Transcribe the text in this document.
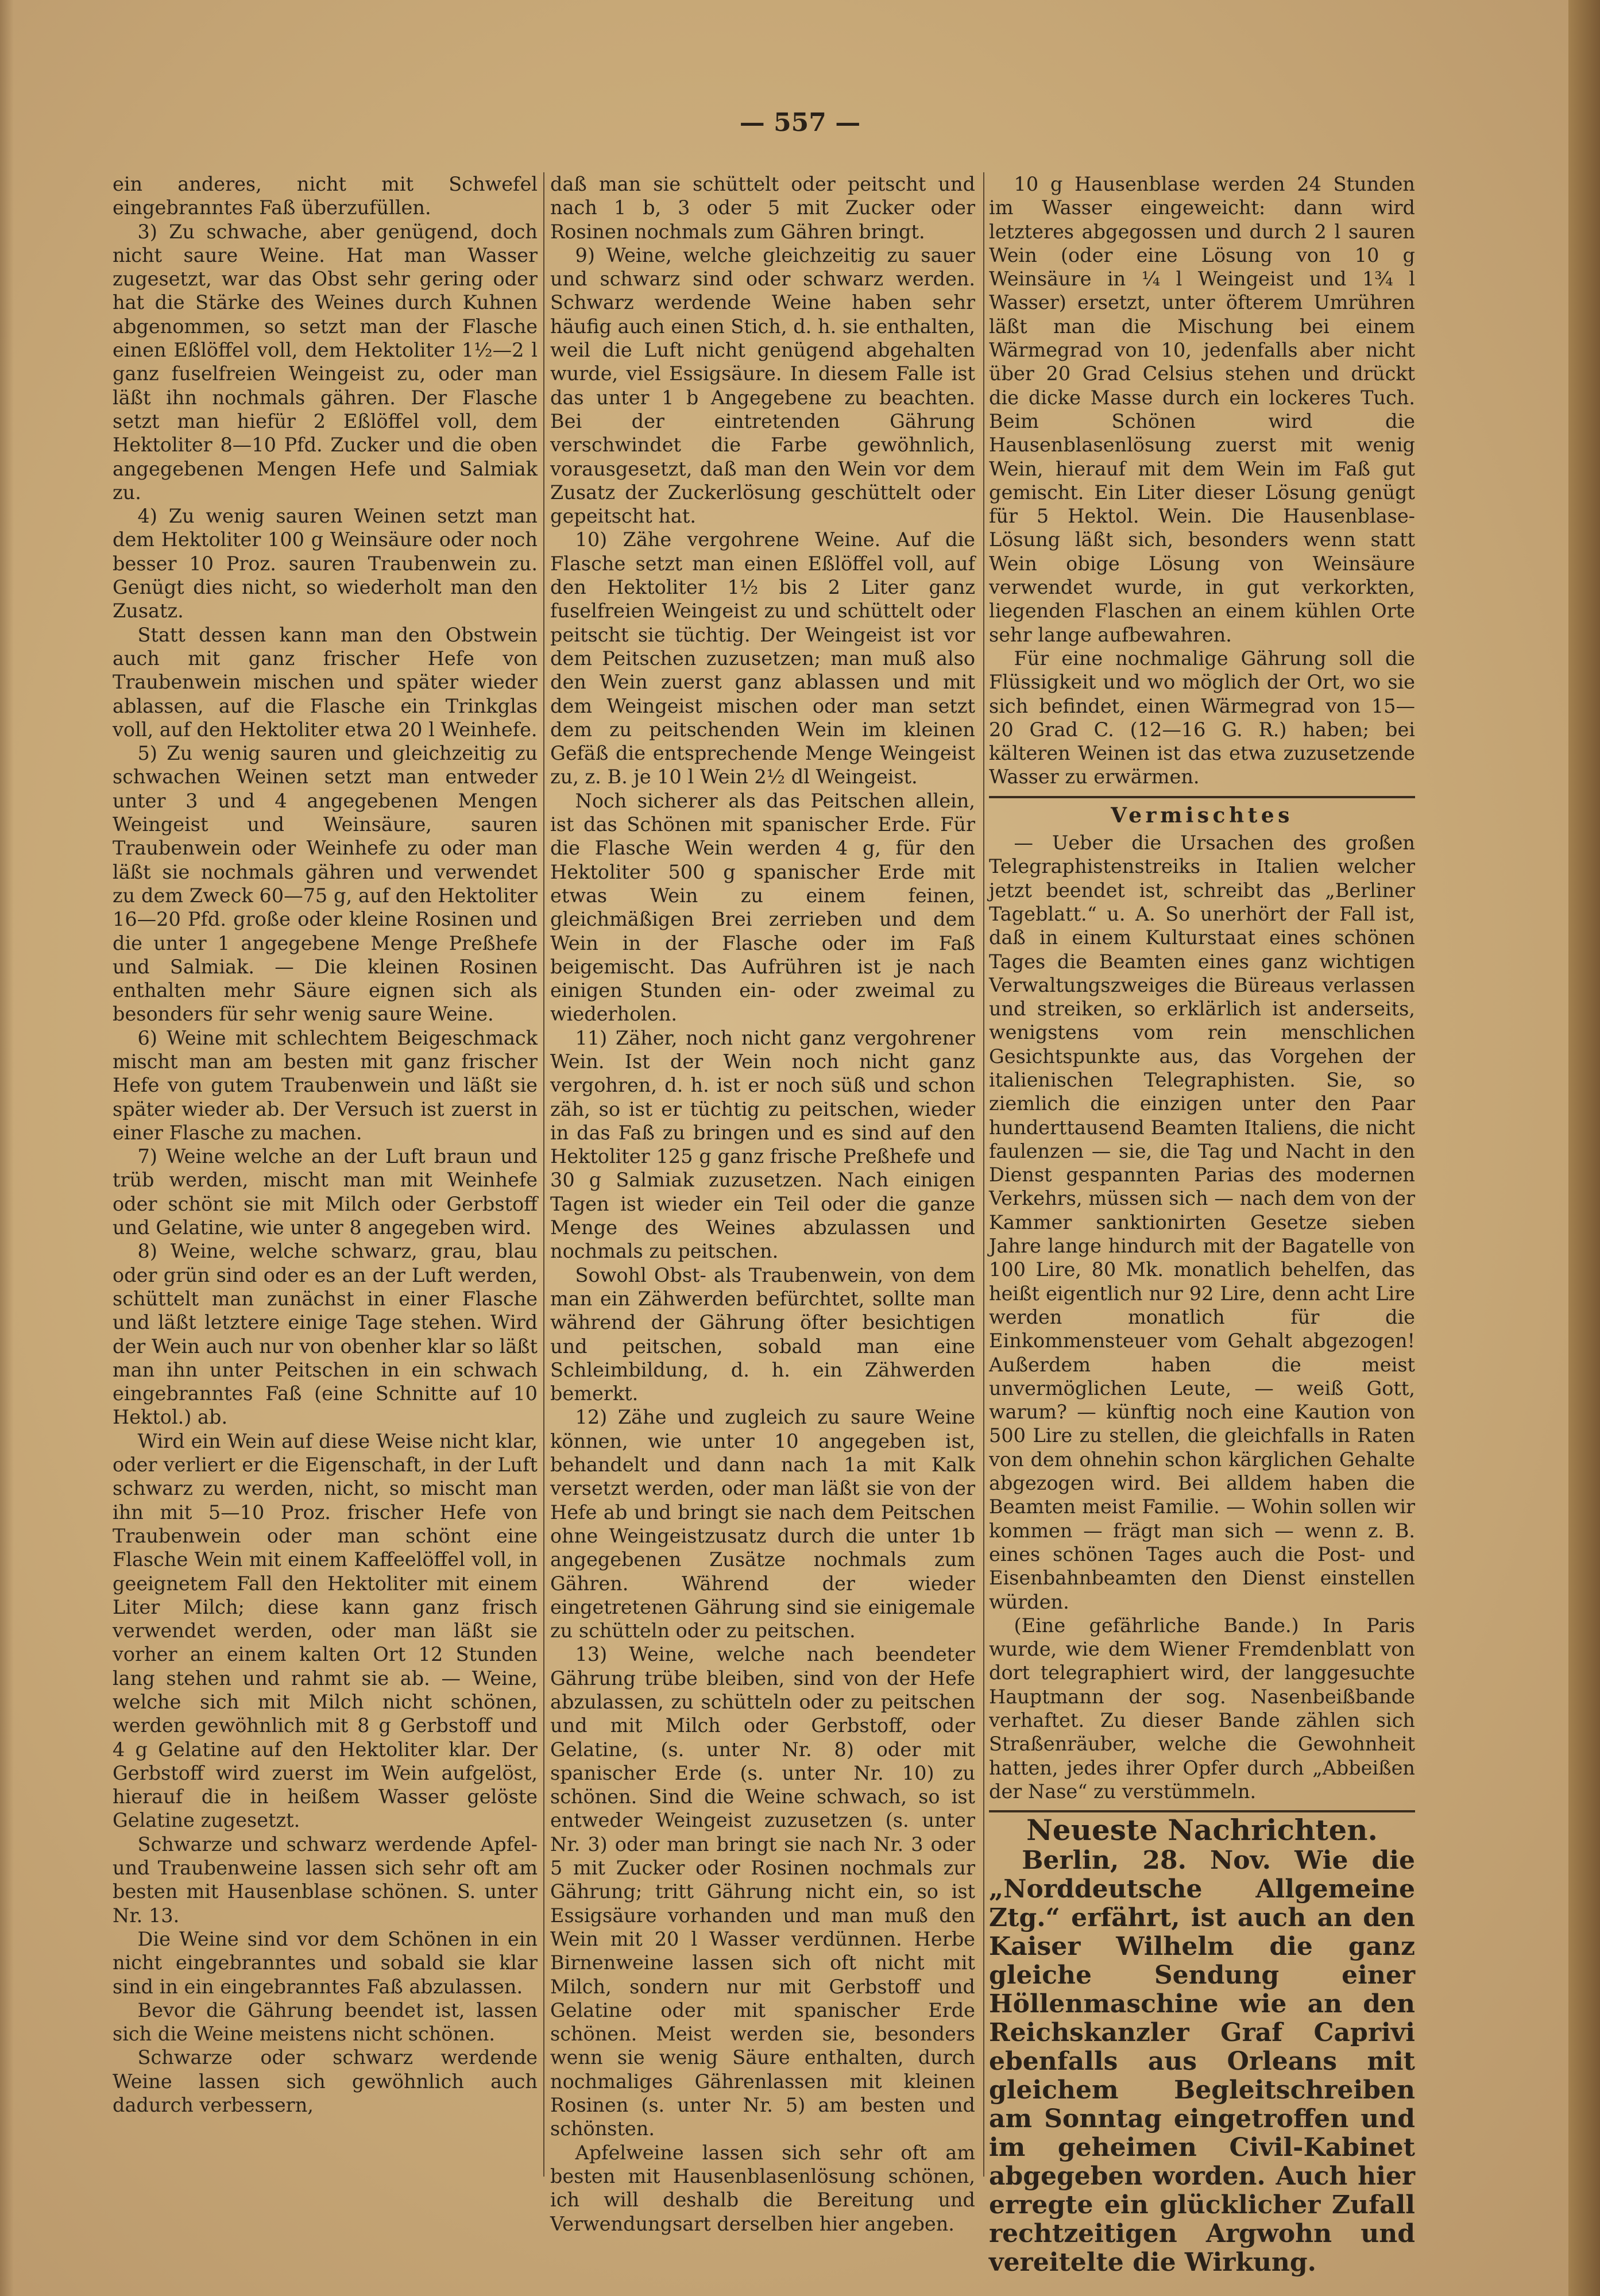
— 557 —

ein anderes, nicht mit Schwefel eingebranntes Faß überzufüllen.

3) Zu schwache, aber genügend, doch nicht saure Weine. Hat man Wasser zugesetzt, war das Obst sehr gering oder hat die Stärke des Weines durch Kuhnen abgenommen, so setzt man der Flasche einen Eßlöffel voll, dem Hektoliter 1½—2 l ganz fuselfreien Weingeist zu, oder man läßt ihn nochmals gähren. Der Flasche setzt man hiefür 2 Eßlöffel voll, dem Hektoliter 8—10 Pfd. Zucker und die oben angegebenen Mengen Hefe und Salmiak zu.

4) Zu wenig sauren Weinen setzt man dem Hektoliter 100 g Weinsäure oder noch besser 10 Proz. sauren Traubenwein zu. Genügt dies nicht, so wiederholt man den Zusatz.

Statt dessen kann man den Obstwein auch mit ganz frischer Hefe von Traubenwein mischen und später wieder ablassen, auf die Flasche ein Trinkglas voll, auf den Hektoliter etwa 20 l Weinhefe.

5) Zu wenig sauren und gleichzeitig zu schwachen Weinen setzt man entweder unter 3 und 4 angegebenen Mengen Weingeist und Weinsäure, sauren Traubenwein oder Weinhefe zu oder man läßt sie nochmals gähren und verwendet zu dem Zweck 60—75 g, auf den Hektoliter 16—20 Pfd. große oder kleine Rosinen und die unter 1 angegebene Menge Preßhefe und Salmiak. — Die kleinen Rosinen enthalten mehr Säure eignen sich als besonders für sehr wenig saure Weine.

6) Weine mit schlechtem Beigeschmack mischt man am besten mit ganz frischer Hefe von gutem Traubenwein und läßt sie später wieder ab. Der Versuch ist zuerst in einer Flasche zu machen.

7) Weine welche an der Luft braun und trüb werden, mischt man mit Weinhefe oder schönt sie mit Milch oder Gerbstoff und Gelatine, wie unter 8 angegeben wird.

8) Weine, welche schwarz, grau, blau oder grün sind oder es an der Luft werden, schüttelt man zunächst in einer Flasche und läßt letztere einige Tage stehen. Wird der Wein auch nur von obenher klar so läßt man ihn unter Peitschen in ein schwach eingebranntes Faß (eine Schnitte auf 10 Hektol.) ab.

Wird ein Wein auf diese Weise nicht klar, oder verliert er die Eigenschaft, in der Luft schwarz zu werden, nicht, so mischt man ihn mit 5—10 Proz. frischer Hefe von Traubenwein oder man schönt eine Flasche Wein mit einem Kaffeelöffel voll, in geeignetem Fall den Hektoliter mit einem Liter Milch; diese kann ganz frisch verwendet werden, oder man läßt sie vorher an einem kalten Ort 12 Stunden lang stehen und rahmt sie ab. — Weine, welche sich mit Milch nicht schönen, werden gewöhnlich mit 8 g Gerbstoff und 4 g Gelatine auf den Hektoliter klar. Der Gerbstoff wird zuerst im Wein aufgelöst, hierauf die in heißem Wasser gelöste Gelatine zugesetzt.

Schwarze und schwarz werdende Apfel- und Traubenweine lassen sich sehr oft am besten mit Hausenblase schönen. S. unter Nr. 13.

Die Weine sind vor dem Schönen in ein nicht eingebranntes und sobald sie klar sind in ein eingebranntes Faß abzulassen.

Bevor die Gährung beendet ist, lassen sich die Weine meistens nicht schönen.

Schwarze oder schwarz werdende Weine lassen sich gewöhnlich auch dadurch verbessern,

daß man sie schüttelt oder peitscht und nach 1 b, 3 oder 5 mit Zucker oder Rosinen nochmals zum Gähren bringt.

9) Weine, welche gleichzeitig zu sauer und schwarz sind oder schwarz werden. Schwarz werdende Weine haben sehr häufig auch einen Stich, d. h. sie enthalten, weil die Luft nicht genügend abgehalten wurde, viel Essigsäure. In diesem Falle ist das unter 1 b Angegebene zu beachten. Bei der eintretenden Gährung verschwindet die Farbe gewöhnlich, vorausgesetzt, daß man den Wein vor dem Zusatz der Zuckerlösung geschüttelt oder gepeitscht hat.

10) Zähe vergohrene Weine. Auf die Flasche setzt man einen Eßlöffel voll, auf den Hektoliter 1½ bis 2 Liter ganz fuselfreien Weingeist zu und schüttelt oder peitscht sie tüchtig. Der Weingeist ist vor dem Peitschen zuzusetzen; man muß also den Wein zuerst ganz ablassen und mit dem Weingeist mischen oder man setzt dem zu peitschenden Wein im kleinen Gefäß die entsprechende Menge Weingeist zu, z. B. je 10 l Wein 2½ dl Weingeist.

Noch sicherer als das Peitschen allein, ist das Schönen mit spanischer Erde. Für die Flasche Wein werden 4 g, für den Hektoliter 500 g spanischer Erde mit etwas Wein zu einem feinen, gleichmäßigen Brei zerrieben und dem Wein in der Flasche oder im Faß beigemischt. Das Aufrühren ist je nach einigen Stunden ein- oder zweimal zu wiederholen.

11) Zäher, noch nicht ganz vergohrener Wein. Ist der Wein noch nicht ganz vergohren, d. h. ist er noch süß und schon zäh, so ist er tüchtig zu peitschen, wieder in das Faß zu bringen und es sind auf den Hektoliter 125 g ganz frische Preßhefe und 30 g Salmiak zuzusetzen. Nach einigen Tagen ist wieder ein Teil oder die ganze Menge des Weines abzulassen und nochmals zu peitschen.

Sowohl Obst- als Traubenwein, von dem man ein Zähwerden befürchtet, sollte man während der Gährung öfter besichtigen und peitschen, sobald man eine Schleimbildung, d. h. ein Zähwerden bemerkt.

12) Zähe und zugleich zu saure Weine können, wie unter 10 angegeben ist, behandelt und dann nach 1a mit Kalk versetzt werden, oder man läßt sie von der Hefe ab und bringt sie nach dem Peitschen ohne Weingeistzusatz durch die unter 1b angegebenen Zusätze nochmals zum Gähren. Während der wieder eingetretenen Gährung sind sie einigemale zu schütteln oder zu peitschen.

13) Weine, welche nach beendeter Gährung trübe bleiben, sind von der Hefe abzulassen, zu schütteln oder zu peitschen und mit Milch oder Gerbstoff, oder Gelatine, (s. unter Nr. 8) oder mit spanischer Erde (s. unter Nr. 10) zu schönen. Sind die Weine schwach, so ist entweder Weingeist zuzusetzen (s. unter Nr. 3) oder man bringt sie nach Nr. 3 oder 5 mit Zucker oder Rosinen nochmals zur Gährung; tritt Gährung nicht ein, so ist Essigsäure vorhanden und man muß den Wein mit 20 l Wasser verdünnen. Herbe Birnenweine lassen sich oft nicht mit Milch, sondern nur mit Gerbstoff und Gelatine oder mit spanischer Erde schönen. Meist werden sie, besonders wenn sie wenig Säure enthalten, durch nochmaliges Gährenlassen mit kleinen Rosinen (s. unter Nr. 5) am besten und schönsten.

Apfelweine lassen sich sehr oft am besten mit Hausenblasenlösung schönen, ich will deshalb die Bereitung und Verwendungsart derselben hier angeben.

10 g Hausenblase werden 24 Stunden im Wasser eingeweicht: dann wird letzteres abgegossen und durch 2 l sauren Wein (oder eine Lösung von 10 g Weinsäure in ¼ l Weingeist und 1¾ l Wasser) ersetzt, unter öfterem Umrühren läßt man die Mischung bei einem Wärmegrad von 10, jedenfalls aber nicht über 20 Grad Celsius stehen und drückt die dicke Masse durch ein lockeres Tuch. Beim Schönen wird die Hausenblasenlösung zuerst mit wenig Wein, hierauf mit dem Wein im Faß gut gemischt. Ein Liter dieser Lösung genügt für 5 Hektol. Wein. Die Hausenblase-Lösung läßt sich, besonders wenn statt Wein obige Lösung von Weinsäure verwendet wurde, in gut verkorkten, liegenden Flaschen an einem kühlen Orte sehr lange aufbewahren.

Für eine nochmalige Gährung soll die Flüssigkeit und wo möglich der Ort, wo sie sich befindet, einen Wärmegrad von 15—20 Grad C. (12—16 G. R.) haben; bei kälteren Weinen ist das etwa zuzusetzende Wasser zu erwärmen.

Vermischtes

— Ueber die Ursachen des großen Telegraphistenstreiks in Italien welcher jetzt beendet ist, schreibt das „Berliner Tageblatt.“ u. A. So unerhört der Fall ist, daß in einem Kulturstaat eines schönen Tages die Beamten eines ganz wichtigen Verwaltungszweiges die Büreaus verlassen und streiken, so erklärlich ist anderseits, wenigstens vom rein menschlichen Gesichtspunkte aus, das Vorgehen der italienischen Telegraphisten. Sie, so ziemlich die einzigen unter den Paar hunderttausend Beamten Italiens, die nicht faulenzen — sie, die Tag und Nacht in den Dienst gespannten Parias des modernen Verkehrs, müssen sich — nach dem von der Kammer sanktionirten Gesetze sieben Jahre lange hindurch mit der Bagatelle von 100 Lire, 80 Mk. monatlich behelfen, das heißt eigentlich nur 92 Lire, denn acht Lire werden monatlich für die Einkommensteuer vom Gehalt abgezogen! Außerdem haben die meist unvermöglichen Leute, — weiß Gott, warum? — künftig noch eine Kaution von 500 Lire zu stellen, die gleichfalls in Raten von dem ohnehin schon kärglichen Gehalte abgezogen wird. Bei alldem haben die Beamten meist Familie. — Wohin sollen wir kommen — frägt man sich — wenn z. B. eines schönen Tages auch die Post- und Eisenbahnbeamten den Dienst einstellen würden.

(Eine gefährliche Bande.) In Paris wurde, wie dem Wiener Fremdenblatt von dort telegraphiert wird, der langgesuchte Hauptmann der sog. Nasenbeißbande verhaftet. Zu dieser Bande zählen sich Straßenräuber, welche die Gewohnheit hatten, jedes ihrer Opfer durch „Abbeißen der Nase“ zu verstümmeln.

Neueste Nachrichten.

Berlin, 28. Nov. Wie die „Norddeutsche Allgemeine Ztg.“ erfährt, ist auch an den Kaiser Wilhelm die ganz gleiche Sendung einer Höllenmaschine wie an den Reichskanzler Graf Caprivi ebenfalls aus Orleans mit gleichem Begleitschreiben am Sonntag eingetroffen und im geheimen Civil-Kabinet abgegeben worden. Auch hier erregte ein glücklicher Zufall rechtzeitigen Argwohn und vereitelte die Wirkung.
